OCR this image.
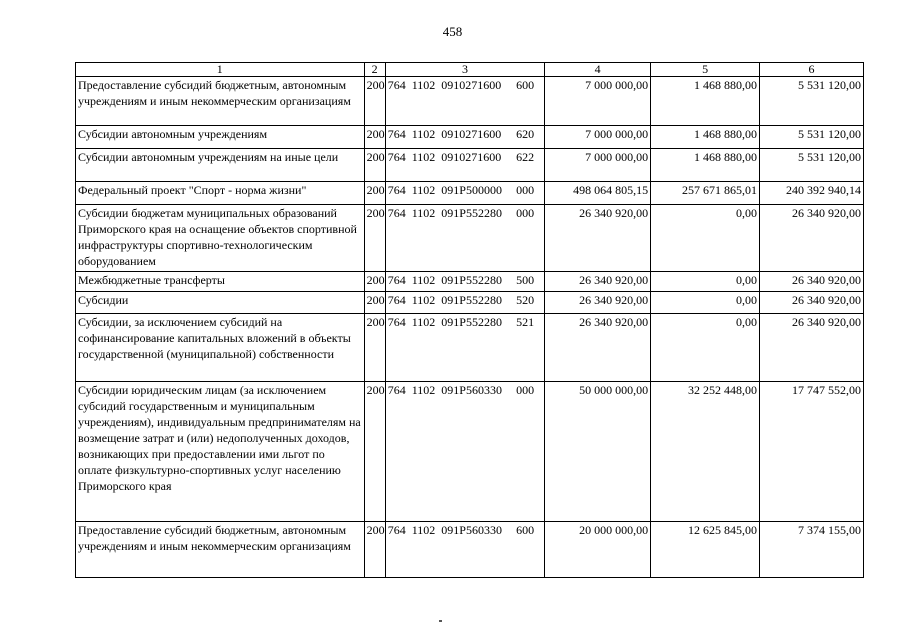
458
1	2	3	4	5	6
Предоставление субсидий бюджетным, автономным учреждениям и иным некоммерческим организациям	200	764  1102  0910271600 600	7 000 000,00	1 468 880,00	5 531 120,00
Субсидии автономным учреждениям	200	764  1102  0910271600 620	7 000 000,00	1 468 880,00	5 531 120,00
Субсидии автономным учреждениям на иные цели	200	764  1102  0910271600 622	7 000 000,00	1 468 880,00	5 531 120,00
Федеральный проект "Спорт - норма жизни"	200	764  1102  091P500000 000	498 064 805,15	257 671 865,01	240 392 940,14
Субсидии бюджетам муниципальных образований Приморского края на оснащение объектов спортивной инфраструктуры спортивно-технологическим оборудованием	200	764  1102  091P552280 000	26 340 920,00	0,00	26 340 920,00
Межбюджетные трансферты	200	764  1102  091P552280 500	26 340 920,00	0,00	26 340 920,00
Субсидии	200	764  1102  091P552280 520	26 340 920,00	0,00	26 340 920,00
Субсидии, за исключением субсидий на софинансирование капитальных вложений в объекты государственной (муниципальной) собственности	200	764  1102  091P552280 521	26 340 920,00	0,00	26 340 920,00
Субсидии юридическим лицам (за исключением субсидий государственным и муниципальным учреждениям), индивидуальным предпринимателям на возмещение затрат и (или) недополученных доходов, возникающих при предоставлении ими льгот по оплате физкультурно-спортивных услуг населению Приморского края	200	764  1102  091P560330 000	50 000 000,00	32 252 448,00	17 747 552,00
Предоставление субсидий бюджетным, автономным учреждениям и иным некоммерческим организациям	200	764  1102  091P560330 600	20 000 000,00	12 625 845,00	7 374 155,00
